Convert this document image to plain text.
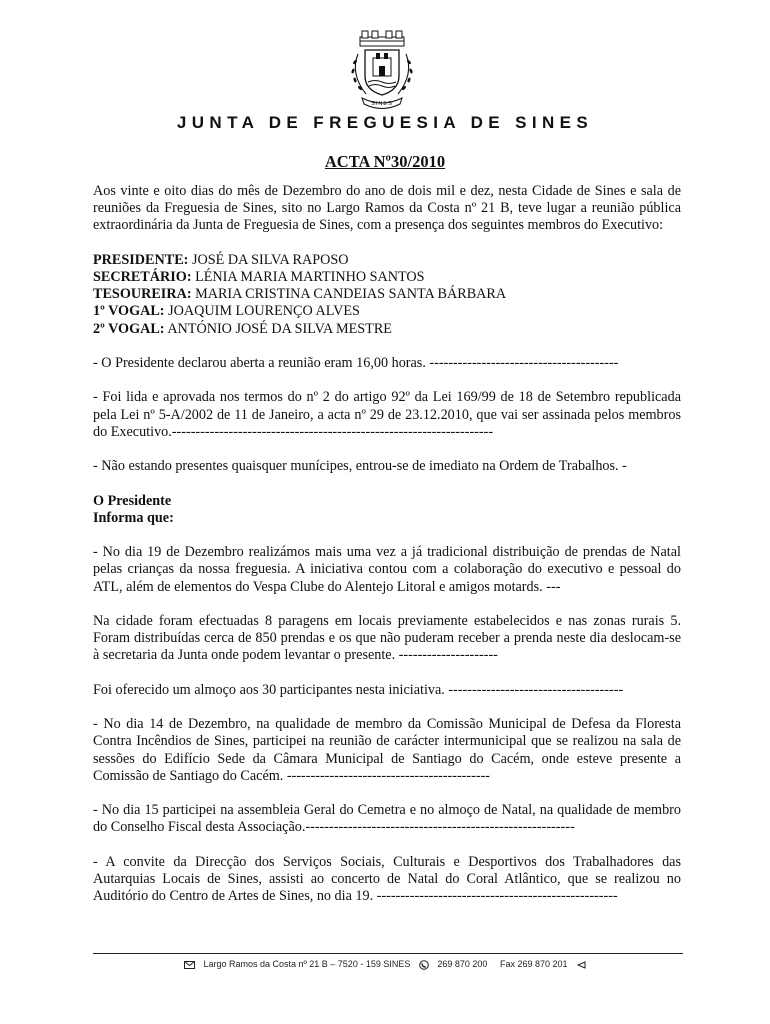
SINES
JUNTA DE FREGUESIA DE SINES
ACTA Nº30/2010

Aos vinte e oito dias do mês de Dezembro do ano de dois mil e dez, nesta Cidade de Sines e sala de reuniões da Freguesia de Sines, sito no Largo Ramos da Costa nº 21 B, teve lugar a reunião pública extraordinária da Junta de Freguesia de Sines, com a presença dos seguintes membros do Executivo:

PRESIDENTE: JOSÉ DA SILVA RAPOSO
SECRETÁRIO: LÉNIA MARIA MARTINHO SANTOS
TESOUREIRA: MARIA CRISTINA CANDEIAS SANTA BÁRBARA
1º VOGAL: JOAQUIM LOURENÇO ALVES
2º VOGAL: ANTÓNIO JOSÉ DA SILVA MESTRE

- O Presidente declarou aberta a reunião eram 16,00 horas. ----------------------------------------

- Foi lida e aprovada nos termos do nº 2 do artigo 92º da Lei 169/99 de 18 de Setembro republicada pela Lei nº 5-A/2002 de 11 de Janeiro, a acta nº 29 de 23.12.2010, que vai ser assinada pelos membros do Executivo.--------------------------------------------------------------------

- Não estando presentes quaisquer munícipes, entrou-se de imediato na Ordem de Trabalhos. -

O Presidente
Informa que:

- No dia 19 de Dezembro realizámos mais uma vez a já tradicional distribuição de prendas de Natal pelas crianças da nossa freguesia. A iniciativa contou com a colaboração do executivo e pessoal do ATL, além de elementos do Vespa Clube do Alentejo Litoral e amigos motards. ---

Na cidade foram efectuadas 8 paragens em locais previamente estabelecidos e nas zonas rurais 5. Foram distribuídas cerca de 850 prendas e os que não puderam receber a prenda neste dia deslocam-se à secretaria da Junta onde podem levantar o presente. ---------------------

Foi oferecido um almoço aos 30 participantes nesta iniciativa. -------------------------------------

- No dia 14 de Dezembro, na qualidade de membro da Comissão Municipal de Defesa da Floresta Contra Incêndios de Sines, participei na reunião de carácter intermunicipal que se realizou na sala de sessões do Edifício Sede da Câmara Municipal de Santiago do Cacém, onde esteve presente a Comissão de Santiago do Cacém. -------------------------------------------

- No dia 15 participei na assembleia Geral do Cemetra e no almoço de Natal, na qualidade de membro do Conselho Fiscal desta Associação.---------------------------------------------------------

- A convite da Direcção dos Serviços Sociais, Culturais e Desportivos dos Trabalhadores das Autarquias Locais de Sines, assisti ao concerto de Natal do Coral Atlântico, que se realizou no Auditório do Centro de Artes de Sines, no dia 19. ---------------------------------------------------

Largo Ramos da Costa nº 21 B – 7520 - 159 SINES	269 870 200 Fax 269 870 201
